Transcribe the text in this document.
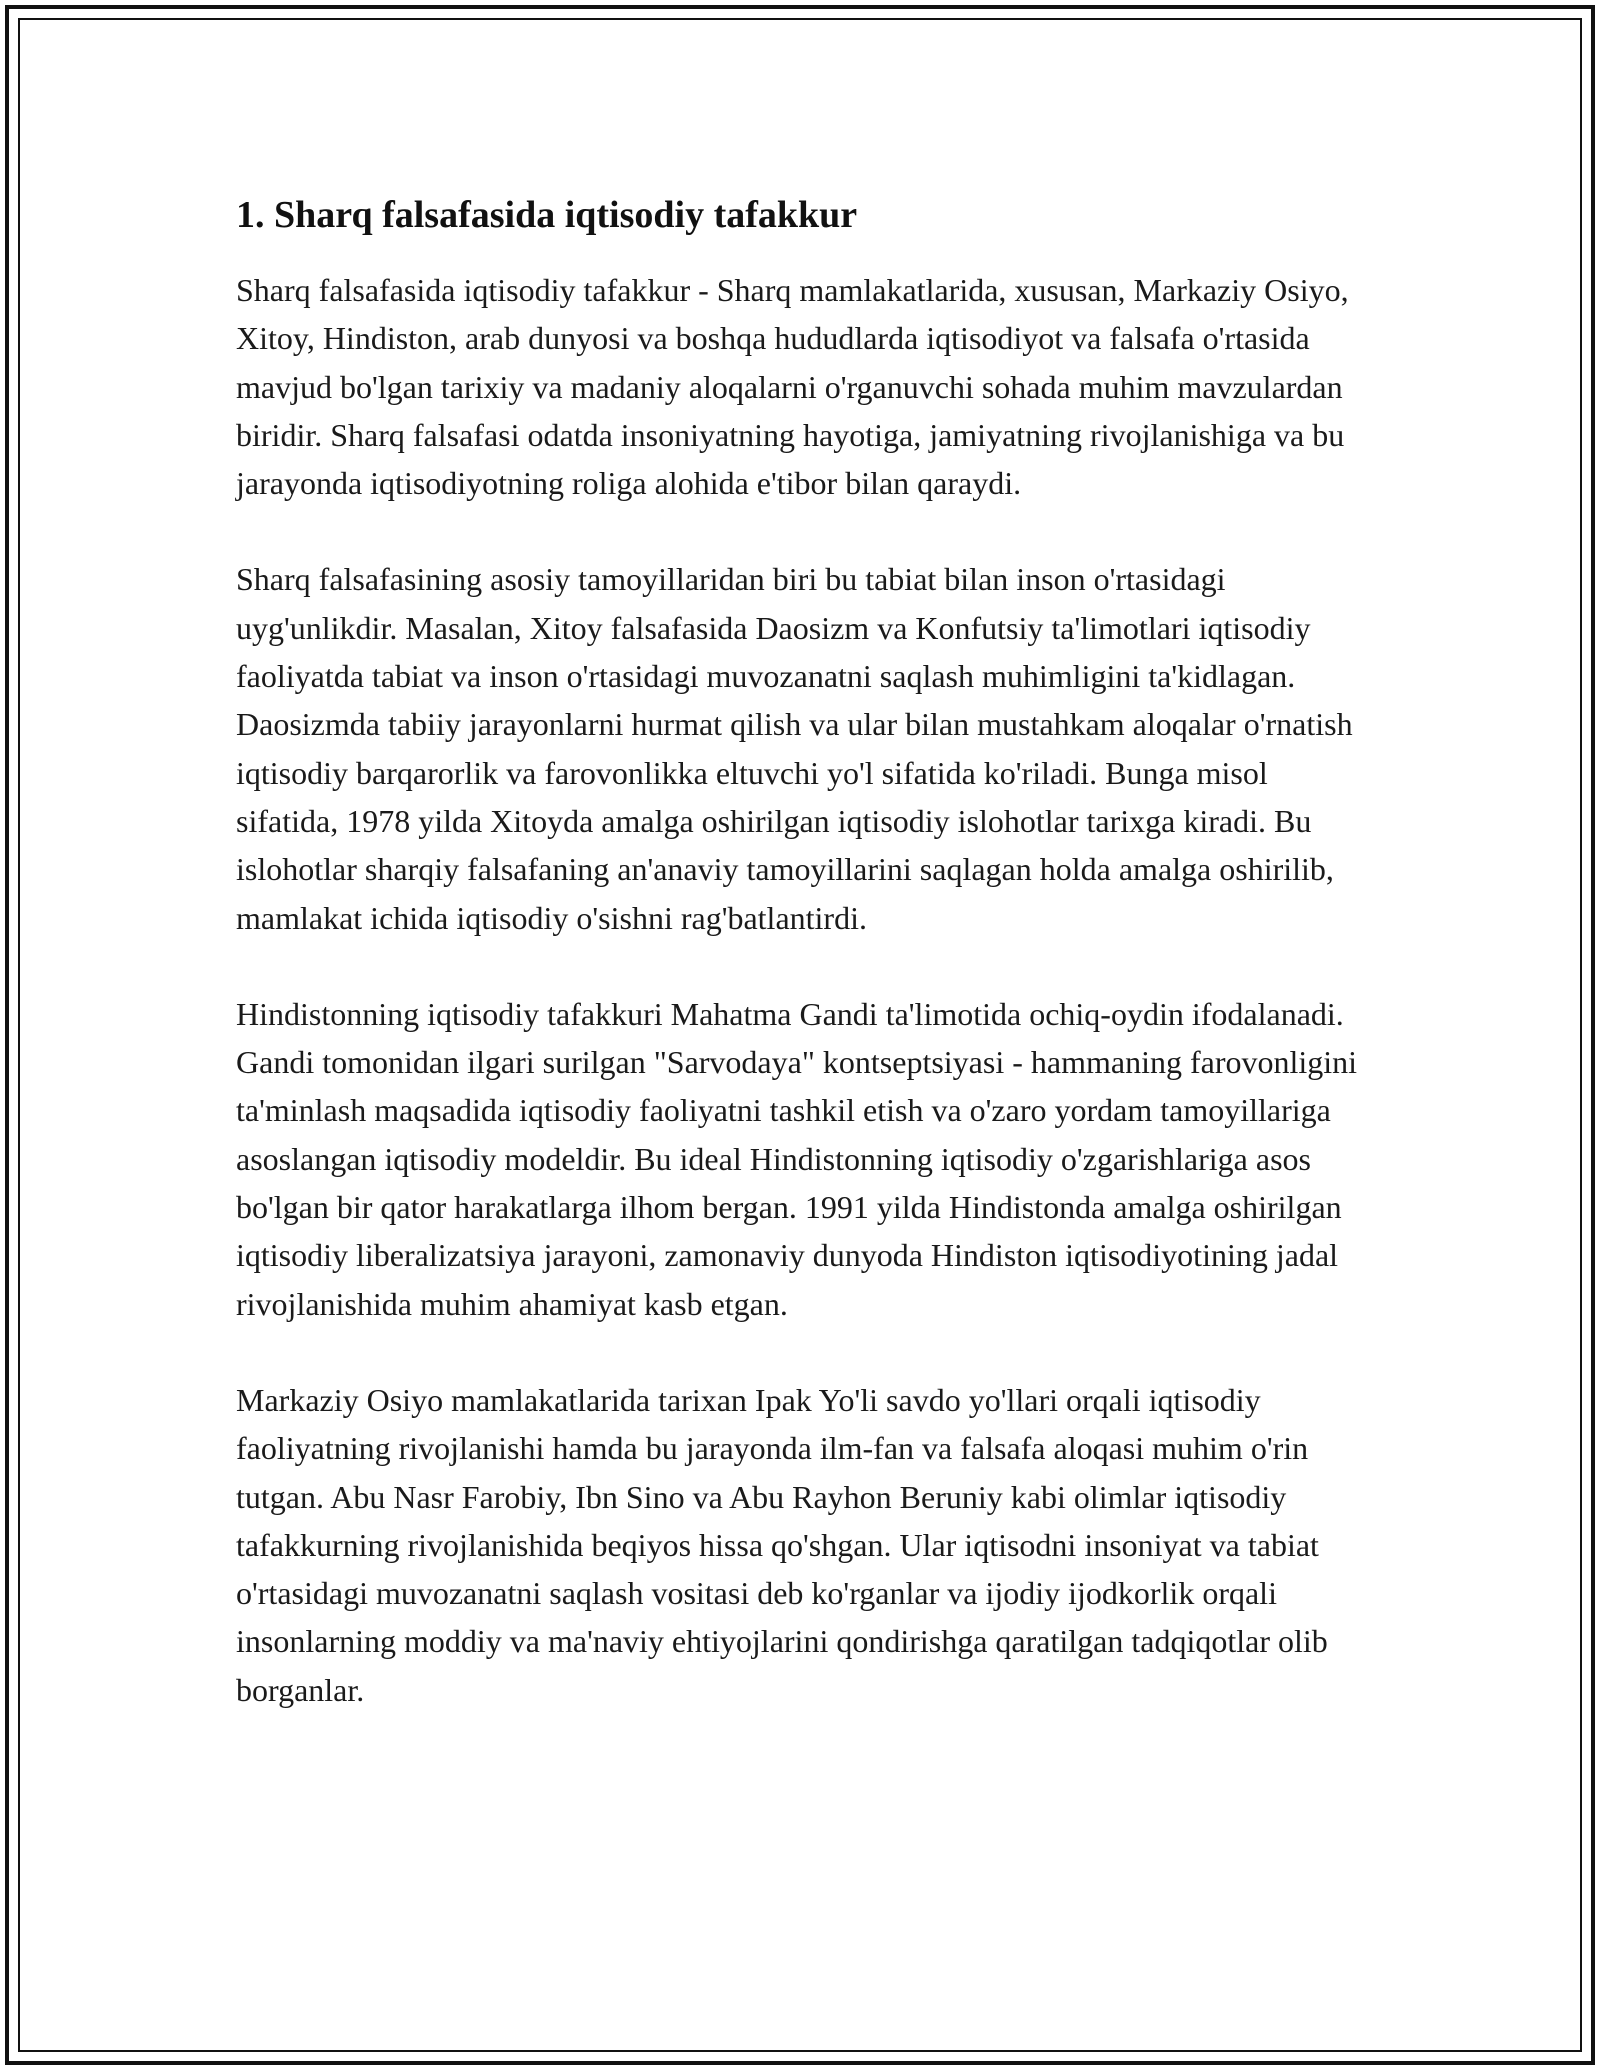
1. Sharq falsafasida iqtisodiy tafakkur

Sharq falsafasida iqtisodiy tafakkur - Sharq mamlakatlarida, xususan, Markaziy Osiyo, Xitoy, Hindiston, arab dunyosi va boshqa hududlarda iqtisodiyot va falsafa o'rtasida mavjud bo'lgan tarixiy va madaniy aloqalarni o'rganuvchi sohada muhim mavzulardan biridir. Sharq falsafasi odatda insoniyatning hayotiga, jamiyatning rivojlanishiga va bu jarayonda iqtisodiyotning roliga alohida e'tibor bilan qaraydi.

Sharq falsafasining asosiy tamoyillaridan biri bu tabiat bilan inson o'rtasidagi uyg'unlikdir. Masalan, Xitoy falsafasida Daosizm va Konfutsiy ta'limotlari iqtisodiy faoliyatda tabiat va inson o'rtasidagi muvozanatni saqlash muhimligini ta'kidlagan. Daosizmda tabiiy jarayonlarni hurmat qilish va ular bilan mustahkam aloqalar o'rnatish iqtisodiy barqarorlik va farovonlikka eltuvchi yo'l sifatida ko'riladi. Bunga misol sifatida, 1978 yilda Xitoyda amalga oshirilgan iqtisodiy islohotlar tarixga kiradi. Bu islohotlar sharqiy falsafaning an'anaviy tamoyillarini saqlagan holda amalga oshirilib, mamlakat ichida iqtisodiy o'sishni rag'batlantirdi.

Hindistonning iqtisodiy tafakkuri Mahatma Gandi ta'limotida ochiq-oydin ifodalanadi. Gandi tomonidan ilgari surilgan "Sarvodaya" kontseptsiyasi - hammaning farovonligini ta'minlash maqsadida iqtisodiy faoliyatni tashkil etish va o'zaro yordam tamoyillariga asoslangan iqtisodiy modeldir. Bu ideal Hindistonning iqtisodiy o'zgarishlariga asos bo'lgan bir qator harakatlarga ilhom bergan. 1991 yilda Hindistonda amalga oshirilgan iqtisodiy liberalizatsiya jarayoni, zamonaviy dunyoda Hindiston iqtisodiyotining jadal rivojlanishida muhim ahamiyat kasb etgan.

Markaziy Osiyo mamlakatlarida tarixan Ipak Yo'li savdo yo'llari orqali iqtisodiy faoliyatning rivojlanishi hamda bu jarayonda ilm-fan va falsafa aloqasi muhim o'rin tutgan. Abu Nasr Farobiy, Ibn Sino va Abu Rayhon Beruniy kabi olimlar iqtisodiy tafakkurning rivojlanishida beqiyos hissa qo'shgan. Ular iqtisodni insoniyat va tabiat o'rtasidagi muvozanatni saqlash vositasi deb ko'rganlar va ijodiy ijodkorlik orqali insonlarning moddiy va ma'naviy ehtiyojlarini qondirishga qaratilgan tadqiqotlar olib borganlar.
